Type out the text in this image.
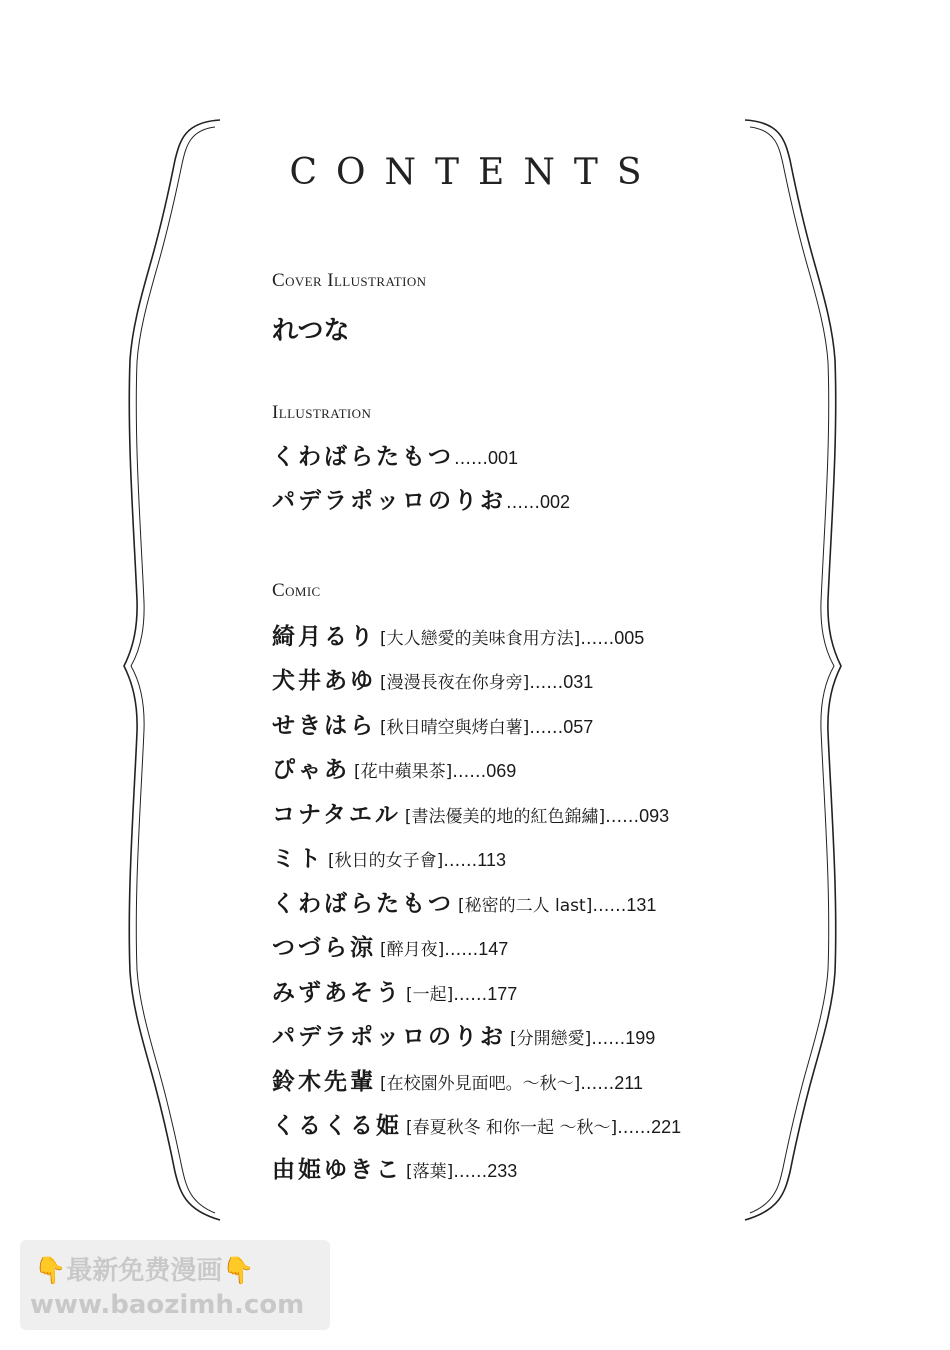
CONTENTS
Cover Illustration
れつな
Illustration
くわばらたもつ …… 001
パデラポッロのりお …… 002
Comic
綺月るり [大人戀愛的美味食用方法] …… 005
犬井あゆ [漫漫長夜在你身旁] …… 031
せきはら [秋日晴空與烤白薯] …… 057
ぴゃあ [花中蘋果茶] …… 069
コナタエル [書法優美的地的紅色錦繡] …… 093
ミト [秋日的女子會] …… 113
くわばらたもつ [秘密的二人 last] …… 131
つづら涼 [醉月夜] …… 147
みずあそう [一起] …… 177
パデラポッロのりお [分開戀愛] …… 199
鈴木先輩 [在校園外見面吧。～秋～] …… 211
くるくる姫 [春夏秋冬 和你一起 ～秋～] …… 221
由姫ゆきこ [落葉] …… 233
👇最新免费漫画👇
www.baozimh.com
